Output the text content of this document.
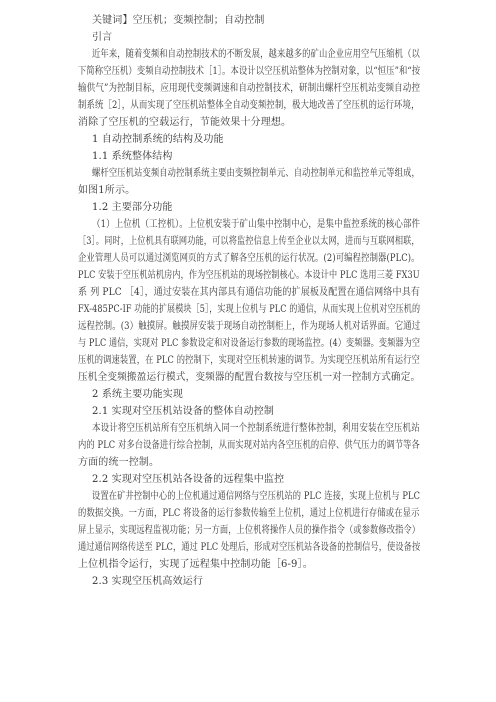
关键词】空压机；变频控制；自动控制
引言
近年来，随着变频和自动控制技术的不断发展，越来越多的矿山企业应用空气压缩机（以
下简称空压机）变频自动控制技术［1］。本设计以空压机站整体为控制对象，以“恒压”和“按
输供气”为控制目标，应用现代变频调速和自动控制技术，研制出螺杆空压机站变频自动控
制系统［2］，从而实现了空压机站整体全自动变频控制，极大地改善了空压机的运行环境，
消除了空压机的空载运行，节能效果十分理想。
1 自动控制系统的结构及功能
1.1 系统整体结构
螺杆空压机站变频自动控制系统主要由变频控制单元、自动控制单元和监控单元等组成，
如图1所示。
1.2 主要部分功能
（1）上位机（工控机）。上位机安装于矿山集中控制中心，是集中监控系统的核心部件
［3］。同时，上位机具有联网功能，可以将监控信息上传至企业以太网，进而与互联网相联，
企业管理人员可以通过浏览网页的方式了解各空压机的运行状况。(2)可编程控制器(PLC)。
PLC 安装于空压机站机房内，作为空压机站的现场控制核心。本设计中 PLC 选用三菱 FX3U
系 列 PLC ［4］，通过安装在其内部具有通信功能的扩展板及配置在通信网络中具有
FX-485PC-IF 功能的扩展模块［5］，实现上位机与 PLC 的通信，从而实现上位机对空压机的
远程控制。(3）触摸屏。触摸屏安装于现场自动控制柜上，作为现场人机对话界面。它通过
与 PLC 通信，实现对 PLC 参数设定和对设备运行参数的现场监控。(4）变频器。变频器为空
压机的调速装置，在 PLC 的控制下，实现对空压机转速的调节。为实现空压机站所有运行空
压机全变频搬盈运行模式，变频器的配置台数按与空压机一对一控制方式确定。
2 系统主要功能实现
2.1 实现对空压机站设备的整体自动控制
本设计将空压机站所有空压机纳入同一个控制系统进行整体控制，利用安装在空压机站
内的 PLC 对多台设备进行综合控制，从而实现对站内各空压机的启停、供气压力的调节等各
方面的统一控制。
2.2 实现对空压机站各设备的远程集中监控
设置在矿井控制中心的上位机通过通信网络与空压机站的 PLC 连接，实现上位机与 PLC
的数据交换。一方面，PLC 将设备的运行参数传输至上位机，通过上位机进行存储或在显示
屏上显示，实现远程监视功能；另一方面，上位机将操作人员的操作指令（或参数修改指令）
通过通信网络传送至 PLC，通过 PLC 处理后，形成对空压机站各设备的控制信号，使设备按
上位机指令运行，实现了远程集中控制功能［6-9］。
2.3 实现空压机高效运行
